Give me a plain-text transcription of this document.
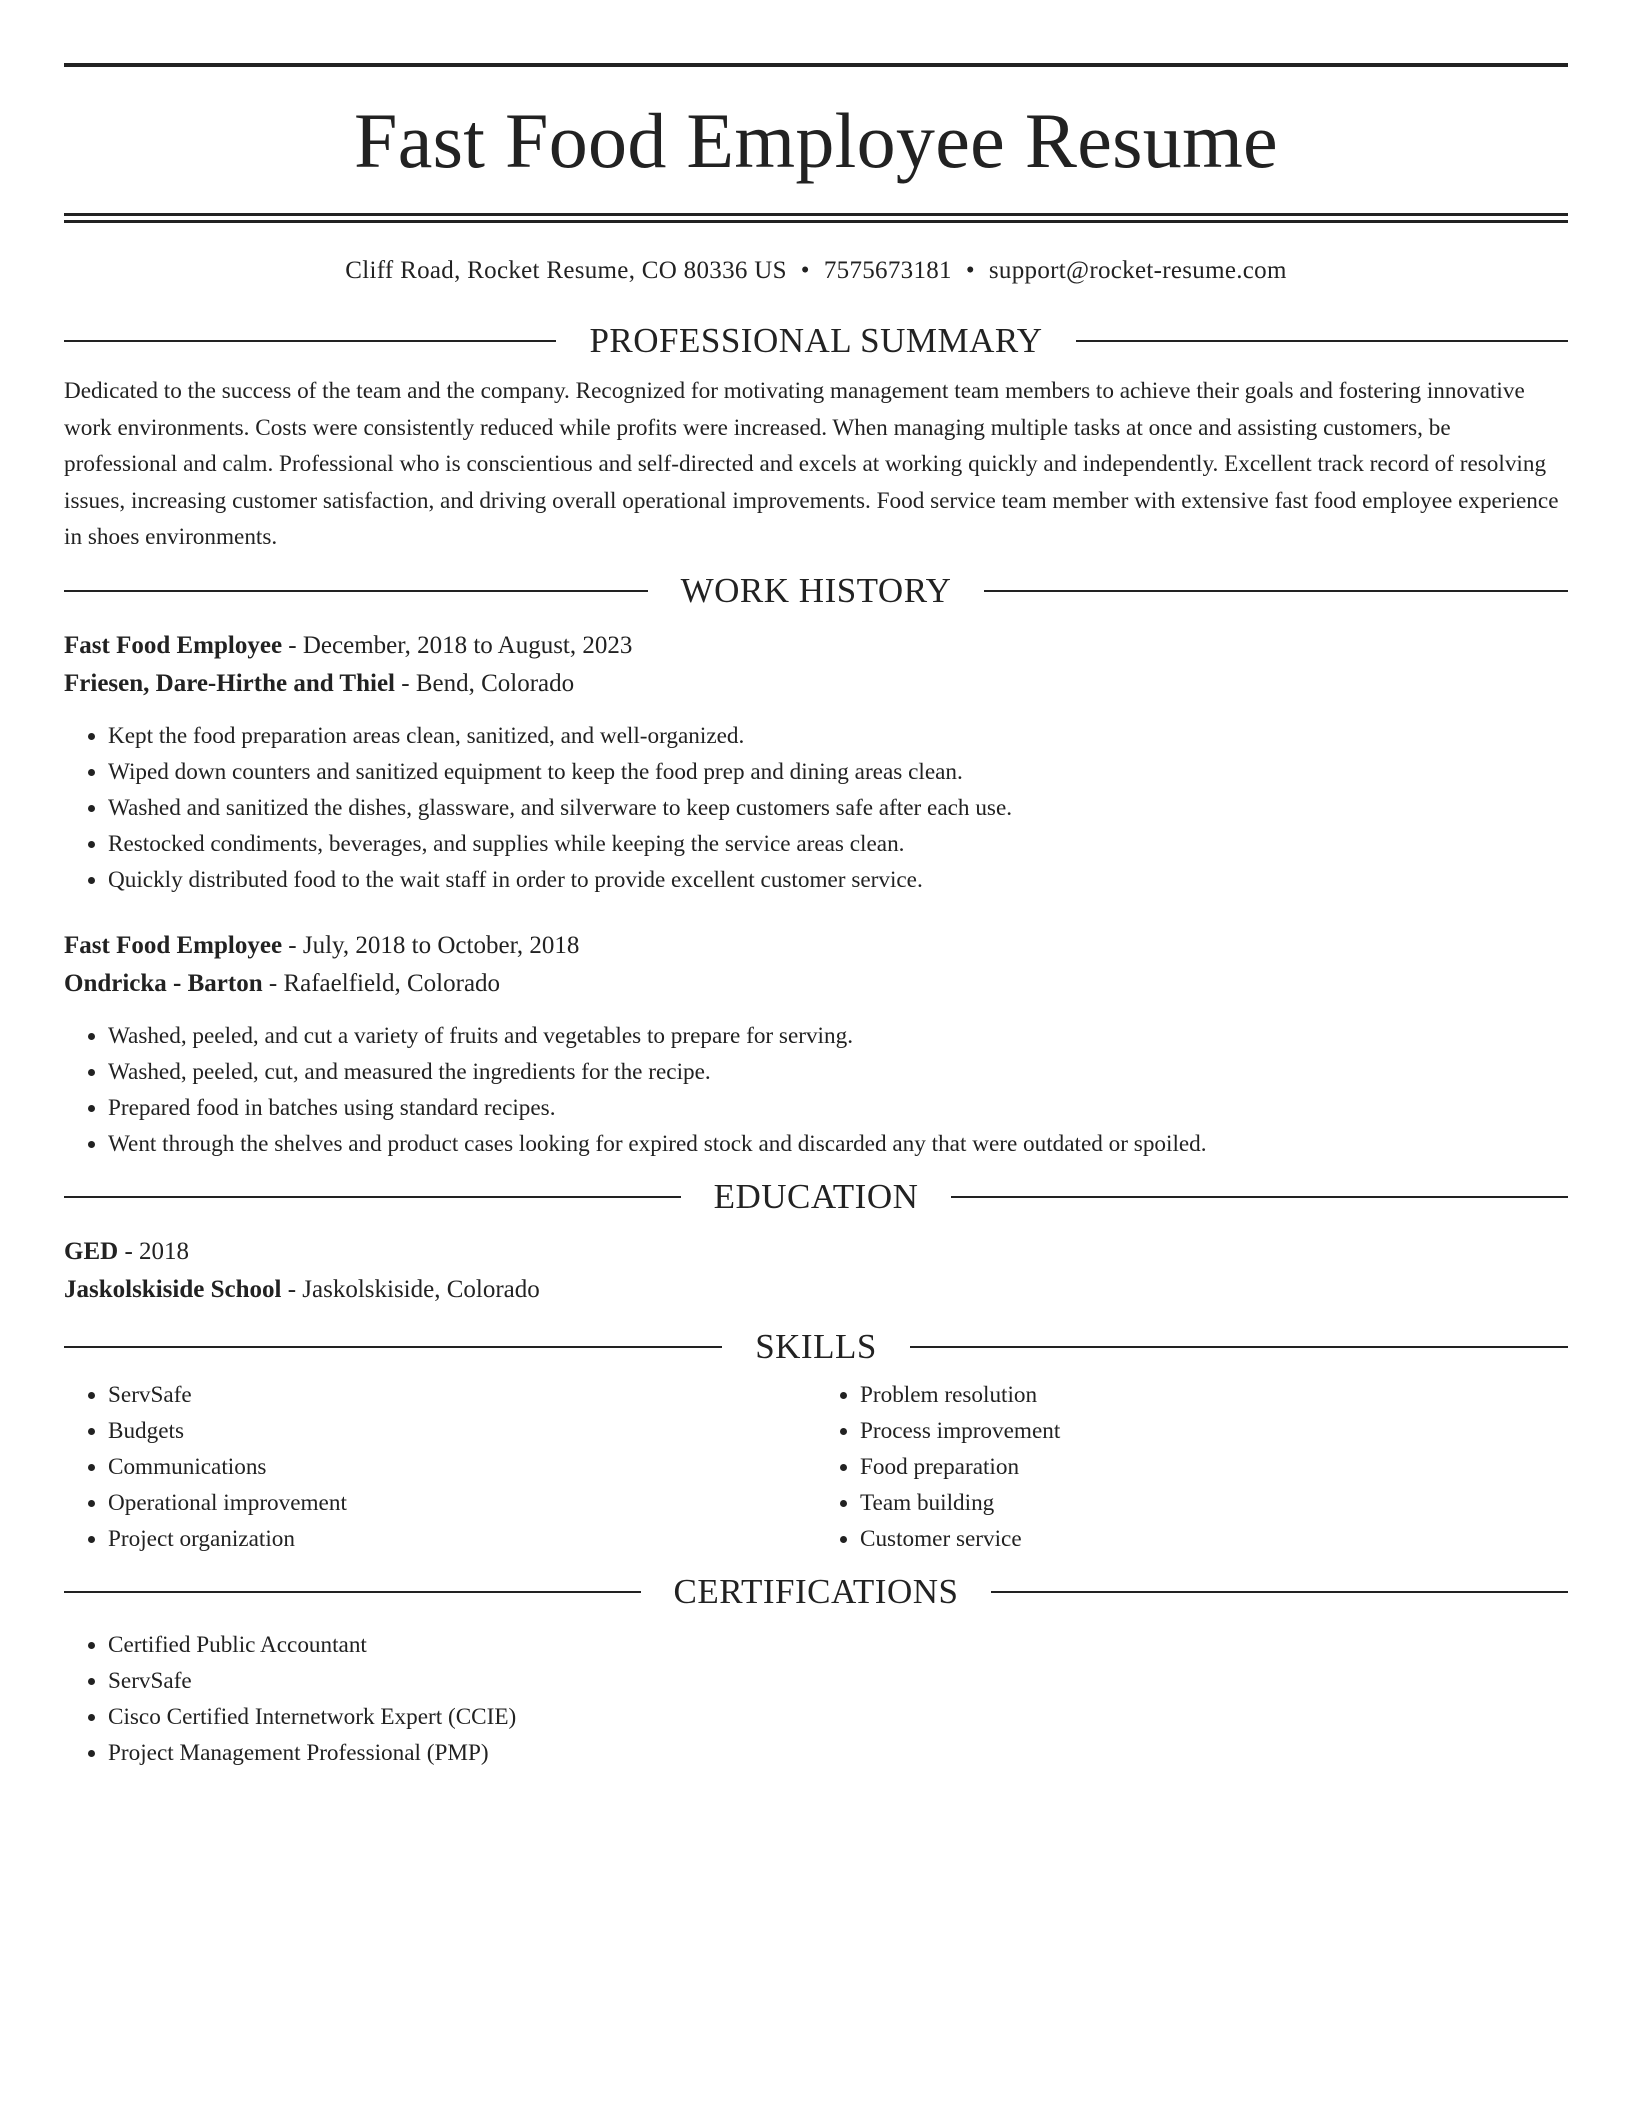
Fast Food Employee Resume
Cliff Road, Rocket Resume, CO 80336 US • 7575673181 • support@rocket-resume.com
PROFESSIONAL SUMMARY
Dedicated to the success of the team and the company. Recognized for motivating management team members to achieve their goals and fostering innovative work environments. Costs were consistently reduced while profits were increased. When managing multiple tasks at once and assisting customers, be professional and calm. Professional who is conscientious and self-directed and excels at working quickly and independently. Excellent track record of resolving issues, increasing customer satisfaction, and driving overall operational improvements. Food service team member with extensive fast food employee experience in shoes environments.
WORK HISTORY
Fast Food Employee - December, 2018 to August, 2023
Friesen, Dare-Hirthe and Thiel - Bend, Colorado
• Kept the food preparation areas clean, sanitized, and well-organized.
• Wiped down counters and sanitized equipment to keep the food prep and dining areas clean.
• Washed and sanitized the dishes, glassware, and silverware to keep customers safe after each use.
• Restocked condiments, beverages, and supplies while keeping the service areas clean.
• Quickly distributed food to the wait staff in order to provide excellent customer service.
Fast Food Employee - July, 2018 to October, 2018
Ondricka - Barton - Rafaelfield, Colorado
• Washed, peeled, and cut a variety of fruits and vegetables to prepare for serving.
• Washed, peeled, cut, and measured the ingredients for the recipe.
• Prepared food in batches using standard recipes.
• Went through the shelves and product cases looking for expired stock and discarded any that were outdated or spoiled.
EDUCATION
GED - 2018
Jaskolskiside School - Jaskolskiside, Colorado
SKILLS
• ServSafe
• Budgets
• Communications
• Operational improvement
• Project organization
• Problem resolution
• Process improvement
• Food preparation
• Team building
• Customer service
CERTIFICATIONS
• Certified Public Accountant
• ServSafe
• Cisco Certified Internetwork Expert (CCIE)
• Project Management Professional (PMP)
